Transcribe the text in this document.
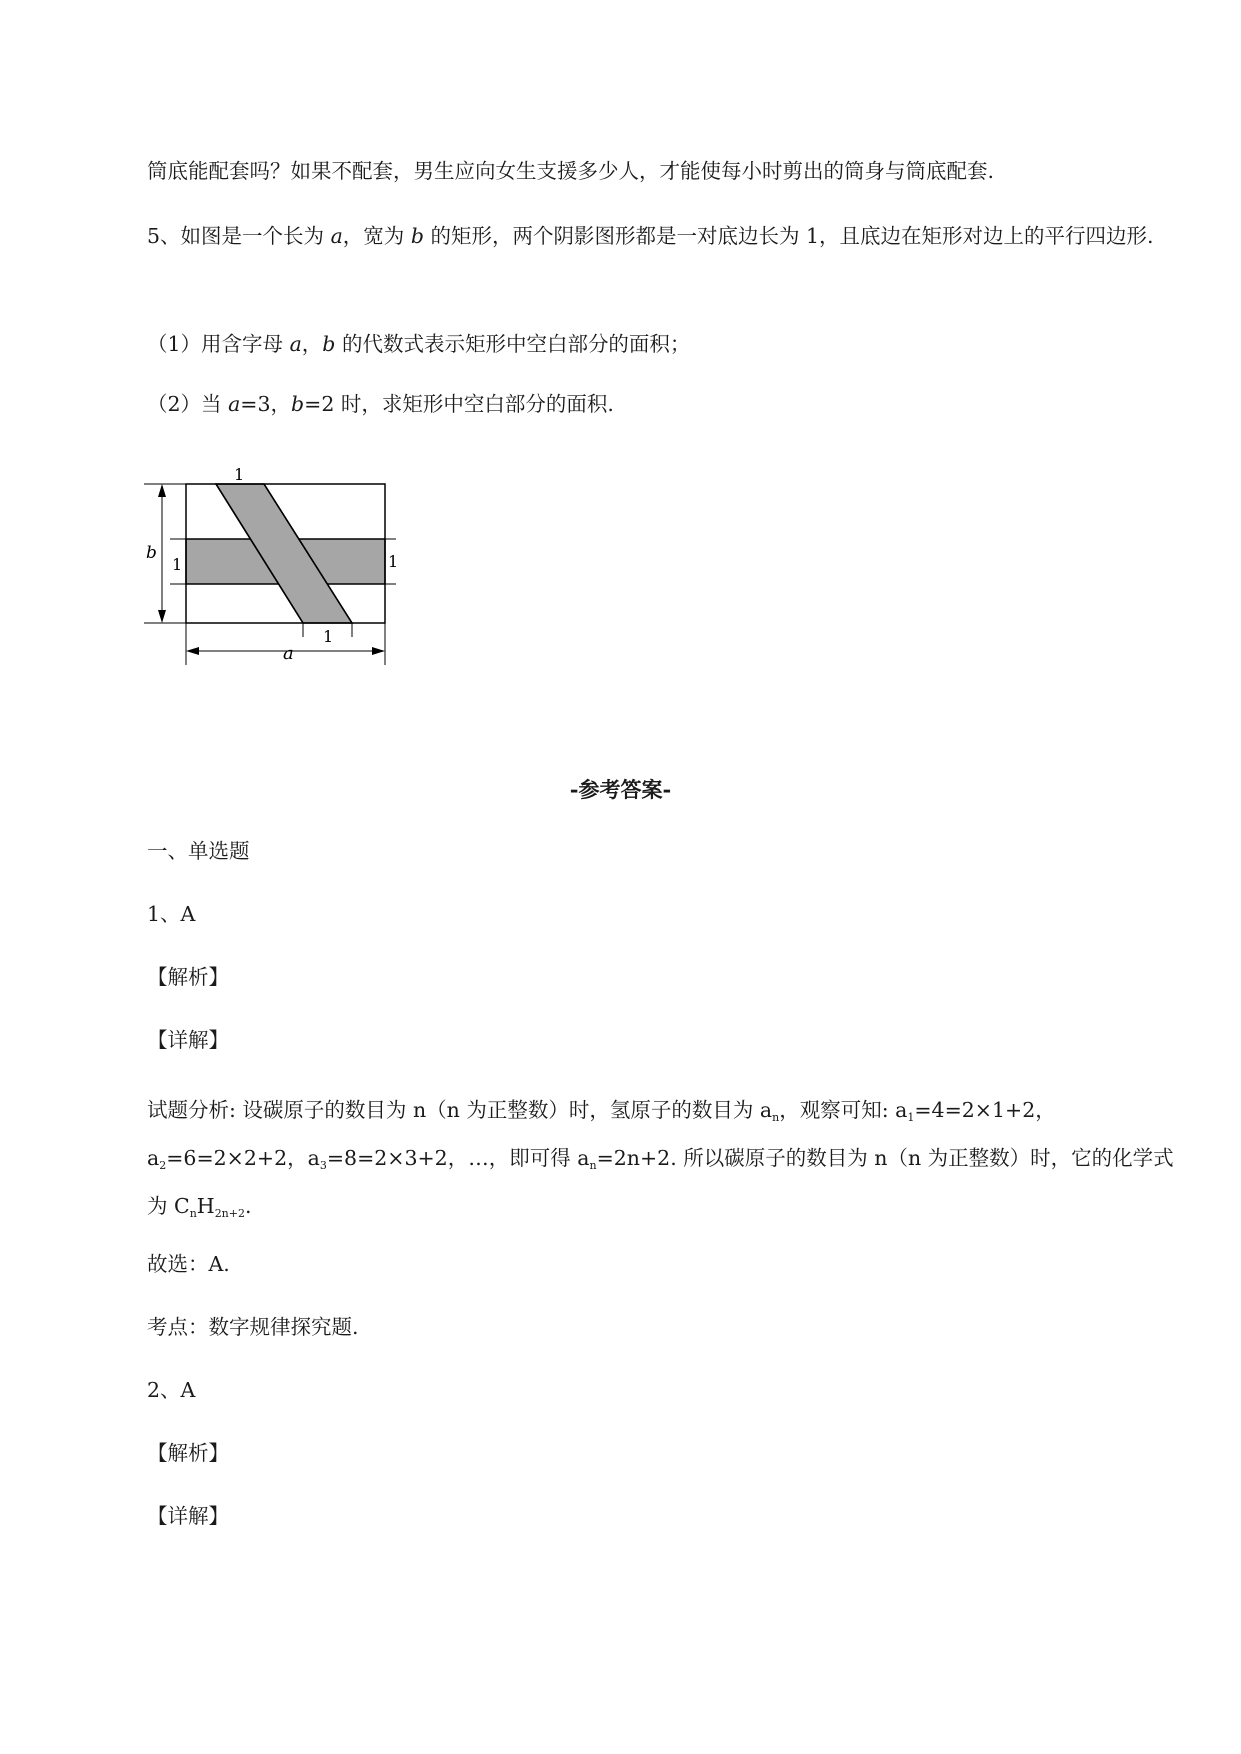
筒底能配套吗？如果不配套，男生应向女生支援多少人，才能使每小时剪出的筒身与筒底配套.
5、如图是一个长为 a，宽为 b 的矩形，两个阴影图形都是一对底边长为 1，且底边在矩形对边上的平行四边形.
（1）用含字母 a，b 的代数式表示矩形中空白部分的面积；
（2）当 a=3，b=2 时，求矩形中空白部分的面积.
1
b
1	1
1
a
-参考答案-
一、单选题
1、A
【解析】
【详解】
试题分析: 设碳原子的数目为 n（n 为正整数）时，氢原子的数目为 $a_n$，观察可知: $a_1=4=2\times 1+2$，$a_2=6=2\times 2+2$，$a_3=8=2\times 3+2$，…，即可得 $a_n=2n+2$. 所以碳原子的数目为 n（n 为正整数）时，它的化学式为 $C_nH_{2n+2}$.
故选：A.
考点：数字规律探究题.
2、A
【解析】
【详解】
